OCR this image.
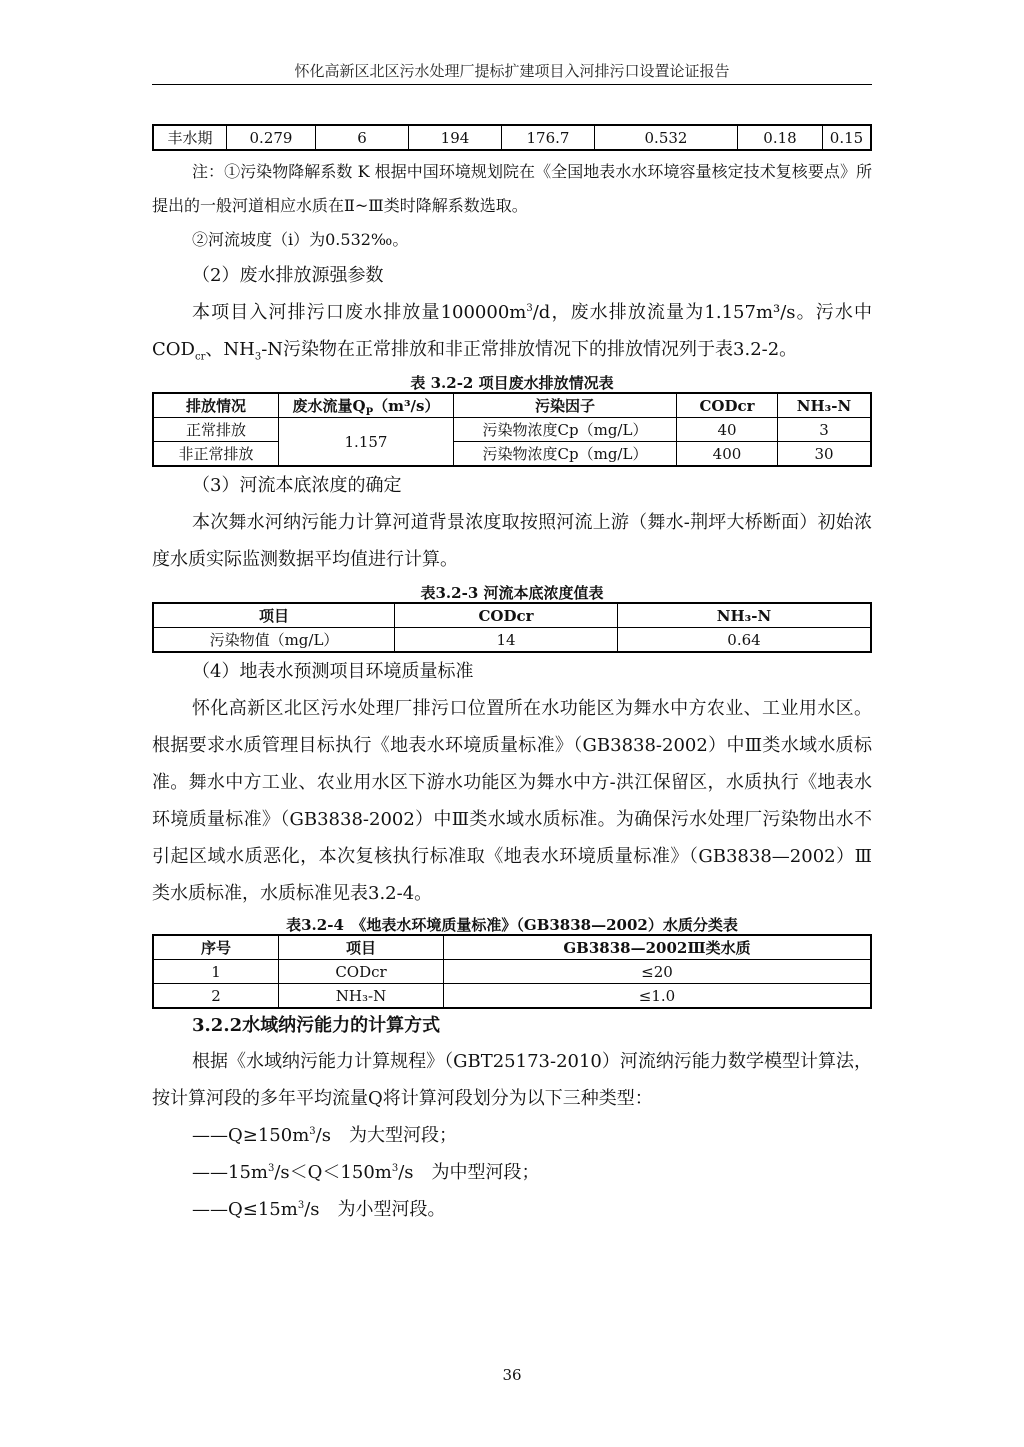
怀化高新区北区污水处理厂提标扩建项目入河排污口设置论证报告
丰水期	0.279	6	194	176.7	0.532	0.18	0.15

注：①污染物降解系数 K 根据中国环境规划院在《全国地表水水环境容量核定技术复核要点》所提出的一般河道相应水质在Ⅱ~Ⅲ类时降解系数选取。

②河流坡度（i）为0.532‰。

（2）废水排放源强参数

本项目入河排污口废水排放量$100000m^3/d$，废水排放流量为1.157m³/s。污水中$COD_{cr}$、$NH_3-N$污染物在正常排放和非正常排放情况下的排放情况列于表3.2-2。

表 3.2-2 项目废水排放情况表
排放情况	废水流量$Q_P(m^3/s)$	污染因子	CODcr	NH₃-N
正常排放	1.157	污染物浓度Cp（mg/L）	40	3
非正常排放		污染物浓度Cp（mg/L）	400	30

（3）河流本底浓度的确定

本次舞水河纳污能力计算河道背景浓度取按照河流上游（舞水-荆坪大桥断面）初始浓度水质实际监测数据平均值进行计算。

表3.2-3 河流本底浓度值表
项目	CODcr	NH₃-N
污染物值（mg/L）	14	0.64

（4）地表水预测项目环境质量标准

怀化高新区北区污水处理厂排污口位置所在水功能区为舞水中方农业、工业用水区。根据要求水质管理目标执行《地表水环境质量标准》（GB3838-2002）中Ⅲ类水域水质标准。舞水中方工业、农业用水区下游水功能区为舞水中方-洪江保留区，水质执行《地表水环境质量标准》（GB3838-2002）中Ⅲ类水域水质标准。为确保污水处理厂污染物出水不引起区域水质恶化，本次复核执行标准取《地表水环境质量标准》（GB3838—2002）Ⅲ类水质标准，水质标准见表3.2-4。

表3.2-4　《地表水环境质量标准》（GB3838—2002）水质分类表
序号	项目	GB3838—2002Ⅲ类水质
1	CODcr	≤20
2	NH₃-N	≤1.0

3.2.2水域纳污能力的计算方式

根据《水域纳污能力计算规程》（GBT25173-2010）河流纳污能力数学模型计算法，按计算河段的多年平均流量Q将计算河段划分为以下三种类型：

$——Q\ge 150m^3/s$　为大型河段；

$——15m^3/s<Q<150m^3/s$　为中型河段；

$——Q\le 15m^3/s$　为小型河段。

36
